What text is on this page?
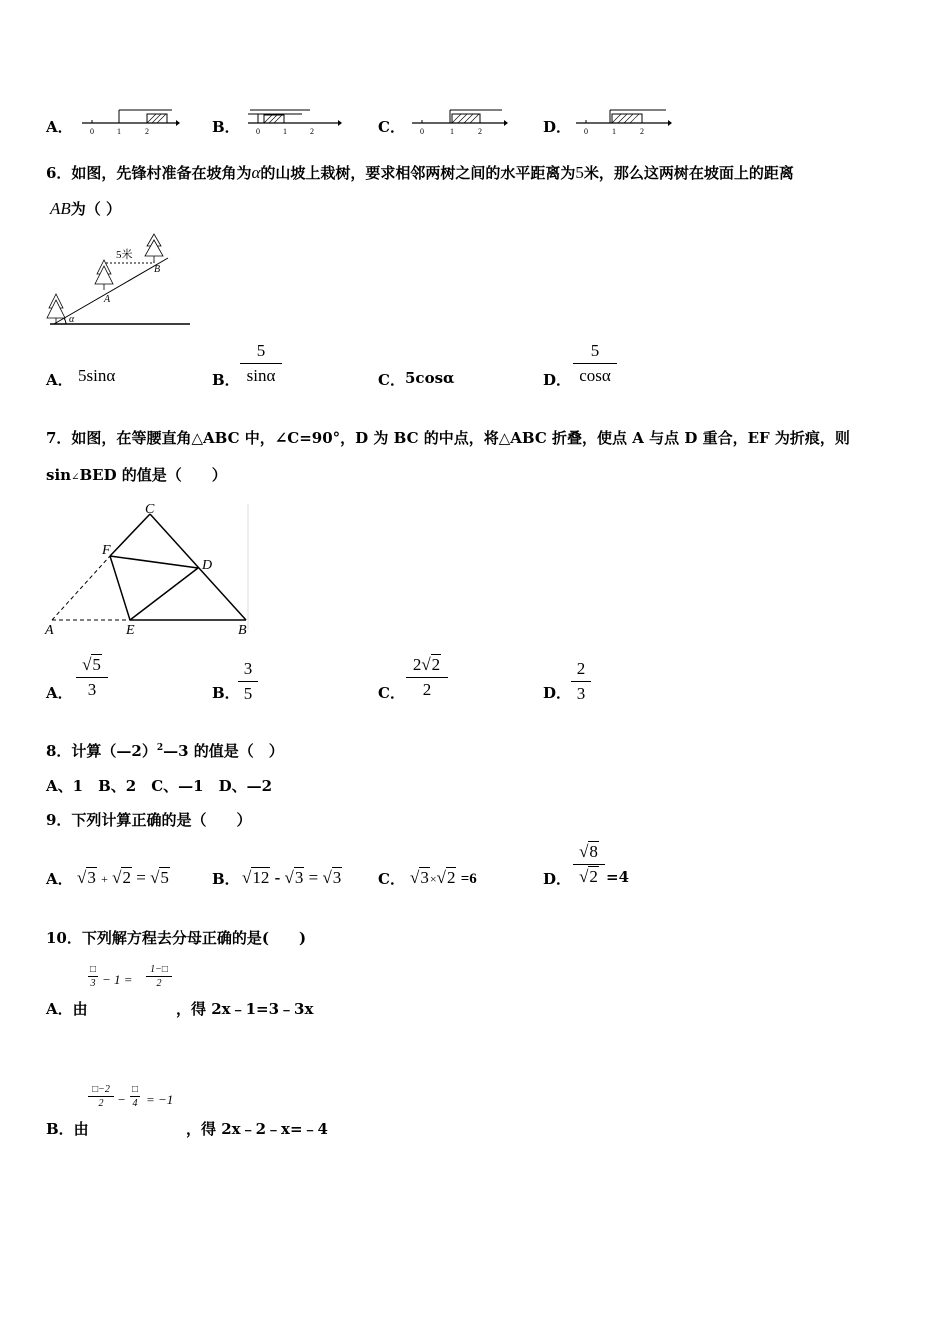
A． 0	1	2	B． 0	1	2	C． 0	1	2	D． 0	1	2
6．如图，先锋村准备在坡角为α的山坡上栽树，要求相邻两树之间的水平距离为5米，那么这两树在坡面上的距离
AB为（ ）
5米
A
B
α
A． 5sinα	B．
5
sinα	C． 5cosα	D．
5
cosα
7．如图，在等腰直角△ABC 中，∠C=90°，D 为 BC 的中点，将△ABC 折叠，使点 A 与点 D 重合，EF 为折痕，则
sin∠BED 的值是（　　）
C
F
D
A	E	B
A．
√5
3	B．
3
5	C．
2√2
2	D．
2
3
8．计算（—2）$^2$—3 的值是（　）
A、1　B、2　C、—1　D、—2
9．下列计算正确的是（　　）
A． √3 + √2 = √5	B． √12 - √3 = √3 C． √3×√2 =6	D．
√8
√2 =4
10．下列解方程去分母正确的是(　　)
□
3 − 1 =
1−□
2
A．由	，得 2x﹣1=3﹣3x
□−2
2	−
□
4 = −1
B．由	，得 2x﹣2﹣x=﹣4
